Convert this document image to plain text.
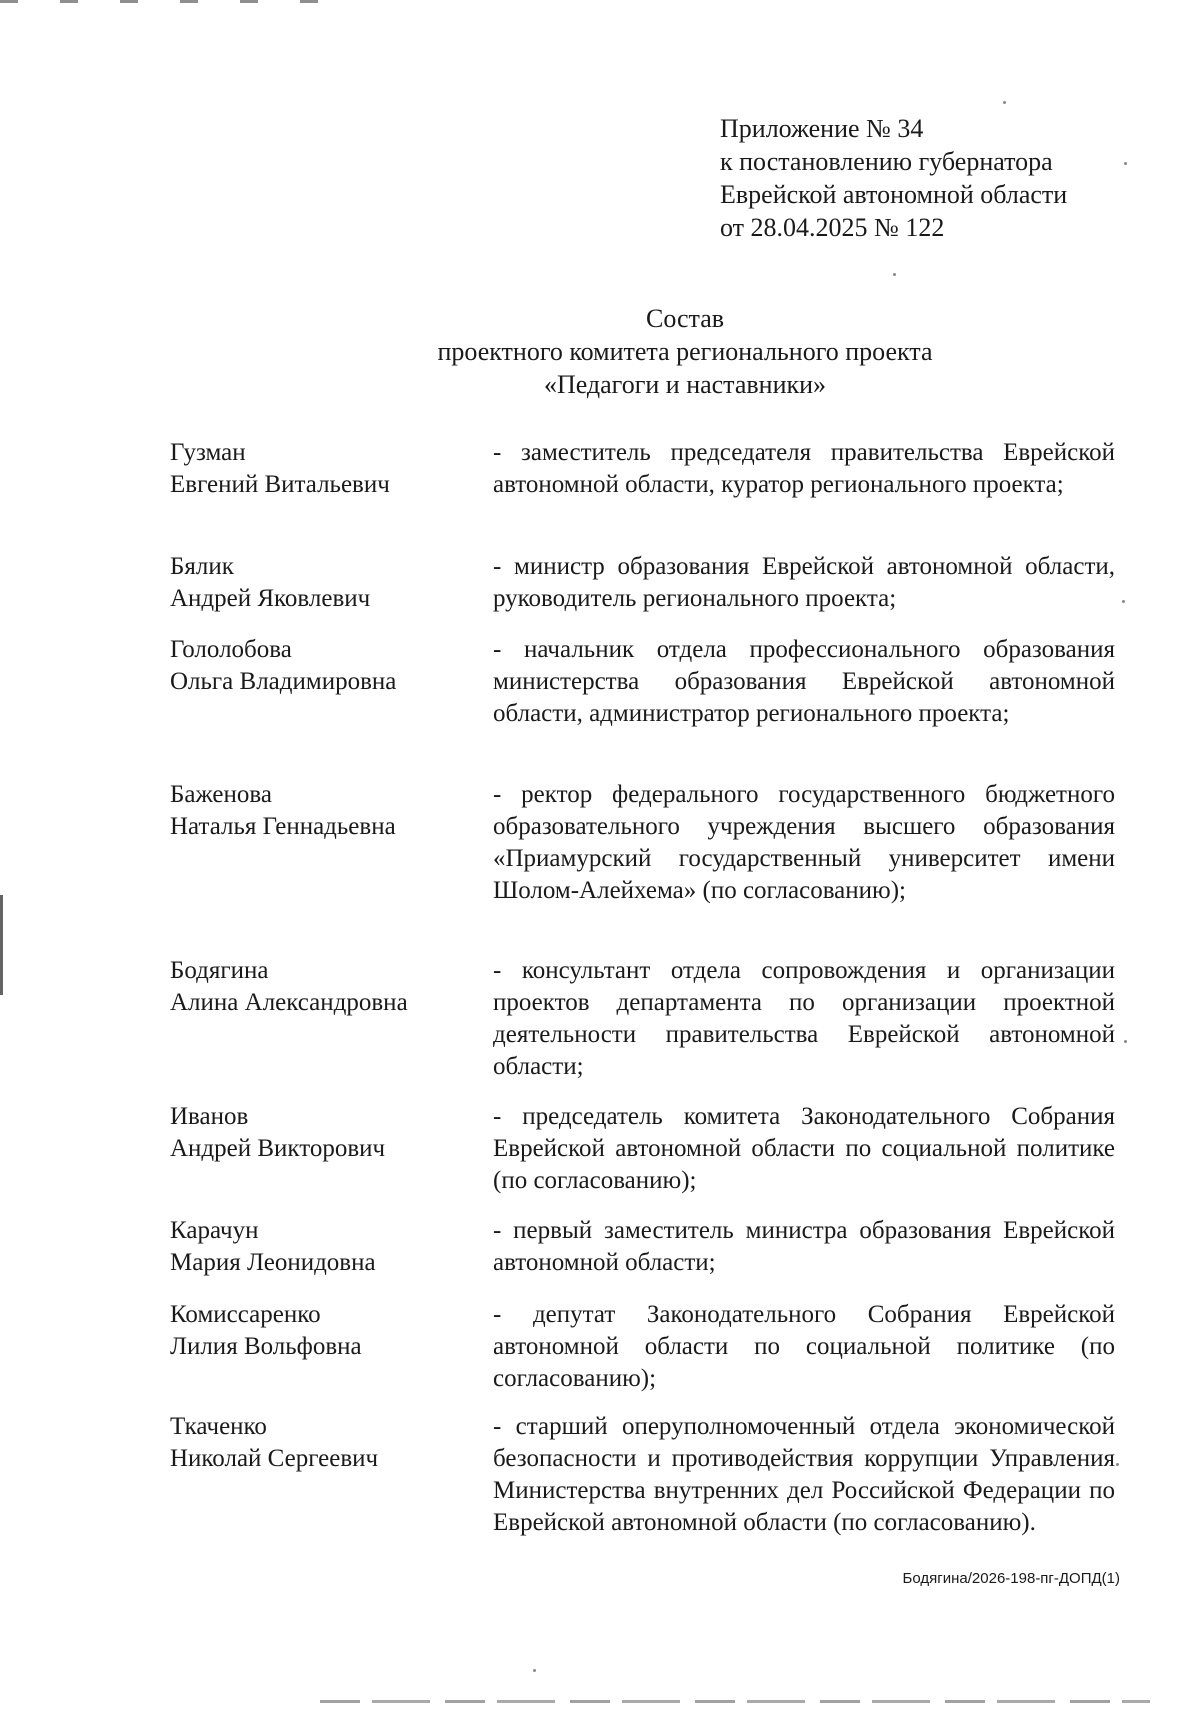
Приложение № 34
к постановлению губернатора
Еврейской автономной области
от 28.04.2025 № 122
Состав
проектного комитета регионального проекта
«Педагоги и наставники»
Гузман
Евгений Витальевич
- заместитель председателя правительства Еврейской автономной области, куратор регионального проекта;
Бялик
Андрей Яковлевич
- министр образования Еврейской автономной области, руководитель регионального проекта;
Гололобова
Ольга Владимировна
- начальник отдела профессионального образования министерства образования Еврейской автономной области, администратор регионального проекта;
Баженова
Наталья Геннадьевна
- ректор федерального государственного бюджетного образовательного учреждения высшего образования «Приамурский государственный университет имени Шолом-Алейхема» (по согласованию);
Бодягина
Алина Александровна
- консультант отдела сопровождения и организации проектов департамента по организации проектной деятельности правительства Еврейской автономной области;
Иванов
Андрей Викторович
- председатель комитета Законодательного Собрания Еврейской автономной области по социальной политике (по согласованию);
Карачун
Мария Леонидовна
- первый заместитель министра образования Еврейской автономной области;
Комиссаренко
Лилия Вольфовна
- депутат Законодательного Собрания Еврейской автономной области по социальной политике (по согласованию);
Ткаченко
Николай Сергеевич
- старший оперуполномоченный отдела экономической безопасности и противодействия коррупции Управления Министерства внутренних дел Российской Федерации по Еврейской автономной области (по согласованию).
Бодягина/2026-198-пг-ДОПД(1)
